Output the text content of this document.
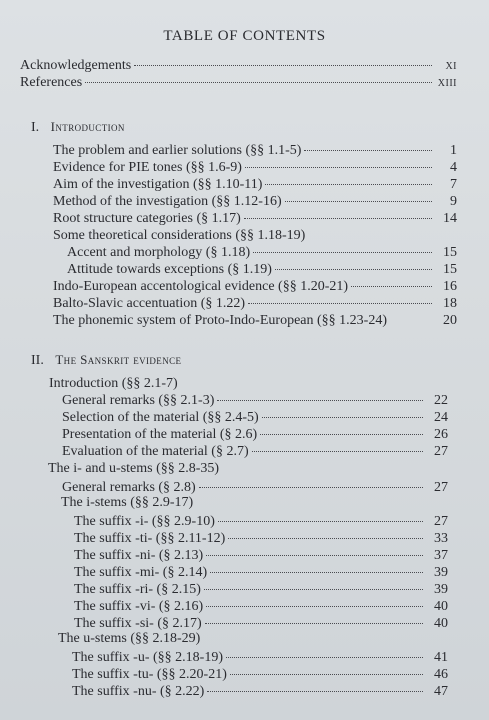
TABLE OF CONTENTS
Acknowledgements	XI
References	XIII
I. Introduction
The problem and earlier solutions (§§ 1.1-5)	1
Evidence for PIE tones (§§ 1.6-9)	4
Aim of the investigation (§§ 1.10-11)	7
Method of the investigation (§§ 1.12-16)	9
Root structure categories (§ 1.17)	14
Some theoretical considerations (§§ 1.18-19)
Accent and morphology (§ 1.18)	15
Attitude towards exceptions (§ 1.19)	15
Indo-European accentological evidence (§§ 1.20-21)	16
Balto-Slavic accentuation (§ 1.22)	18
The phonemic system of Proto-Indo-European (§§ 1.23-24)	20
II. The Sanskrit evidence
Introduction (§§ 2.1-7)
General remarks (§§ 2.1-3)	22
Selection of the material (§§ 2.4-5)	24
Presentation of the material (§ 2.6)	26
Evaluation of the material (§ 2.7)	27
The i- and u-stems (§§ 2.8-35)
General remarks (§ 2.8)	27
The i-stems (§§ 2.9-17)
The suffix -i- (§§ 2.9-10)	27
The suffix -ti- (§§ 2.11-12)	33
The suffix -ni- (§ 2.13)	37
The suffix -mi- (§ 2.14)	39
The suffix -ri- (§ 2.15)	39
The suffix -vi- (§ 2.16)	40
The suffix -si- (§ 2.17)	40
The u-stems (§§ 2.18-29)
The suffix -u- (§§ 2.18-19)	41
The suffix -tu- (§§ 2.20-21)	46
The suffix -nu- (§ 2.22)	47
